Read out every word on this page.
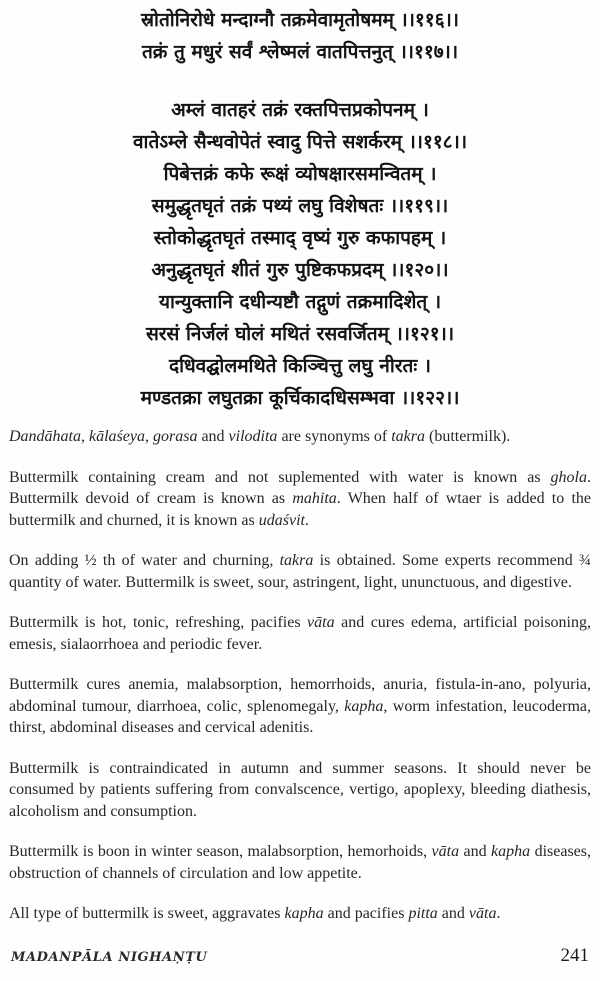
स्रोतोनिरोधे मन्दाग्नौ तक्रमेवामृतोषमम् ।।११६।।
तक्रं तु मधुरं सर्वं श्लेष्मलं वातपित्तनुत् ।।११७।।
अम्लं वातहरं तक्रं रक्तपित्तप्रकोपनम् ।
वातेऽम्ले सैन्धवोपेतं स्वादु पित्ते सशर्करम् ।।११८।।
पिबेत्तक्रं कफे रूक्षं व्योषक्षारसमन्वितम् ।
समुद्धृतघृतं तक्रं पथ्यं लघु विशेषतः ।।११९।।
स्तोकोद्धृतघृतं तस्माद् वृष्यं गुरु कफापहम् ।
अनुद्धृतघृतं शीतं गुरु पुष्टिकफप्रदम् ।।१२०।।
यान्युक्तानि दधीन्यष्टौ तद्गुणं तक्रमादिशेत् ।
सरसं निर्जलं घोलं मथितं रसवर्जितम् ।।१२१।।
दधिवद्घोलमथिते किञ्चित्तु लघु नीरतः ।
मण्डतक्रा लघुतक्रा कूर्चिकादधिसम्भवा ।।१२२।।

Dandāhata, kālaśeya, gorasa and vilodita are synonyms of takra (buttermilk).

Buttermilk containing cream and not suplemented with water is known as ghola. Buttermilk devoid of cream is known as mahita. When half of wtaer is added to the buttermilk and churned, it is known as udaśvit.

On adding ½ th of water and churning, takra is obtained. Some experts recommend ¾ quantity of water. Buttermilk is sweet, sour, astringent, light, ununctuous, and digestive.

Buttermilk is hot, tonic, refreshing, pacifies vāta and cures edema, artificial poisoning, emesis, sialaorrhoea and periodic fever.

Buttermilk cures anemia, malabsorption, hemorrhoids, anuria, fistula-in-ano, polyuria, abdominal tumour, diarrhoea, colic, splenomegaly, kapha, worm infestation, leucoderma, thirst, abdominal diseases and cervical adenitis.

Buttermilk is contraindicated in autumn and summer seasons. It should never be consumed by patients suffering from convalscence, vertigo, apoplexy, bleeding diathesis, alcoholism and consumption.

Buttermilk is boon in winter season, malabsorption, hemorhoids, vāta and kapha diseases, obstruction of channels of circulation and low appetite.

All type of buttermilk is sweet, aggravates kapha and pacifies pitta and vāta.

MADANPĀLA NIGHAṆṬU	241
